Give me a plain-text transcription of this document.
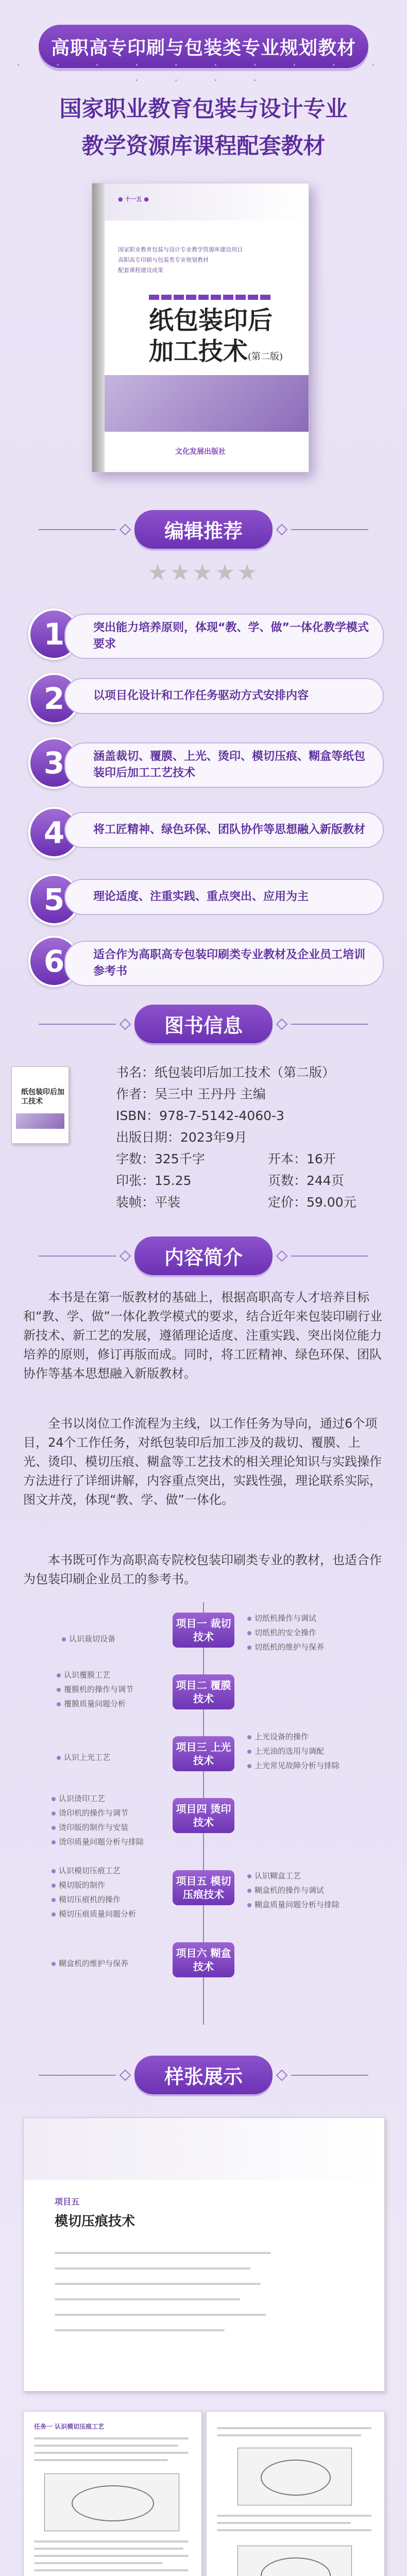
高职高专印刷与包装类专业规划教材
· · · · · · · · · · · · · ·
国家职业教育包装与设计专业
教学资源库课程配套教材
● 十一五 ●
国家职业教育包装与设计专业教学资源库建设项目
高职高专印刷与包装类专业规划教材
配套课程建设成果
纸包装印后
加工技术(第二版)
文化发展出版社
编辑推荐
★★★★★
1	突出能力培养原则，体现“教、学、做”一体化教学模式要求
2	以项目化设计和工作任务驱动方式安排内容
3	涵盖裁切、覆膜、上光、烫印、模切压痕、糊盒等纸包装印后加工工艺技术
4	将工匠精神、绿色环保、团队协作等思想融入新版教材
5	理论适度、注重实践、重点突出、应用为主
6	适合作为高职高专包装印刷类专业教材及企业员工培训参考书
图书信息
纸包装印后加工技术
书名：纸包装印后加工技术（第二版）
作者：吴三中 王丹丹 主编
ISBN：978-7-5142-4060-3
出版日期：2023年9月
字数：325千字	开本：16开
印张：15.25	页数：244页
装帧：平装	定价：59.00元
内容简介
本书是在第一版教材的基础上，根据高职高专人才培养目标和“教、学、做”一体化教学模式的要求，结合近年来包装印刷行业新技术、新工艺的发展，遵循理论适度、注重实践、突出岗位能力培养的原则，修订再版而成。同时，将工匠精神、绿色环保、团队协作等基本思想融入新版教材。
全书以岗位工作流程为主线，以工作任务为导向，通过6个项目，24个工作任务，对纸包装印后加工涉及的裁切、覆膜、上光、烫印、模切压痕、糊盒等工艺技术的相关理论知识与实践操作方法进行了详细讲解，内容重点突出，实践性强，理论联系实际，图文并茂，体现“教、学、做”一体化。
本书既可作为高职高专院校包装印刷类专业的教材，也适合作为包装印刷企业员工的参考书。
项目一 裁切技术
认识裁切设备
切纸机操作与调试
切纸机的安全操作
切纸机的维护与保养
项目二 覆膜技术
认识覆膜工艺
覆膜机的操作与调节
覆膜质量问题分析
项目三 上光技术
认识上光工艺
上光设备的操作
上光油的选用与调配
上光常见故障分析与排除
项目四 烫印技术
认识烫印工艺
烫印机的操作与调节
烫印版的制作与安装
烫印质量问题分析与排除
项目五 模切压痕技术
认识模切压痕工艺
模切版的制作
模切压痕机的操作
模切压痕质量问题分析
认识糊盒工艺
糊盒机的操作与调试
糊盒质量问题分析与排除
项目六 糊盒技术
糊盒机的维护与保养
样张展示
项目五
模切压痕技术
任务一 认识模切压痕工艺
